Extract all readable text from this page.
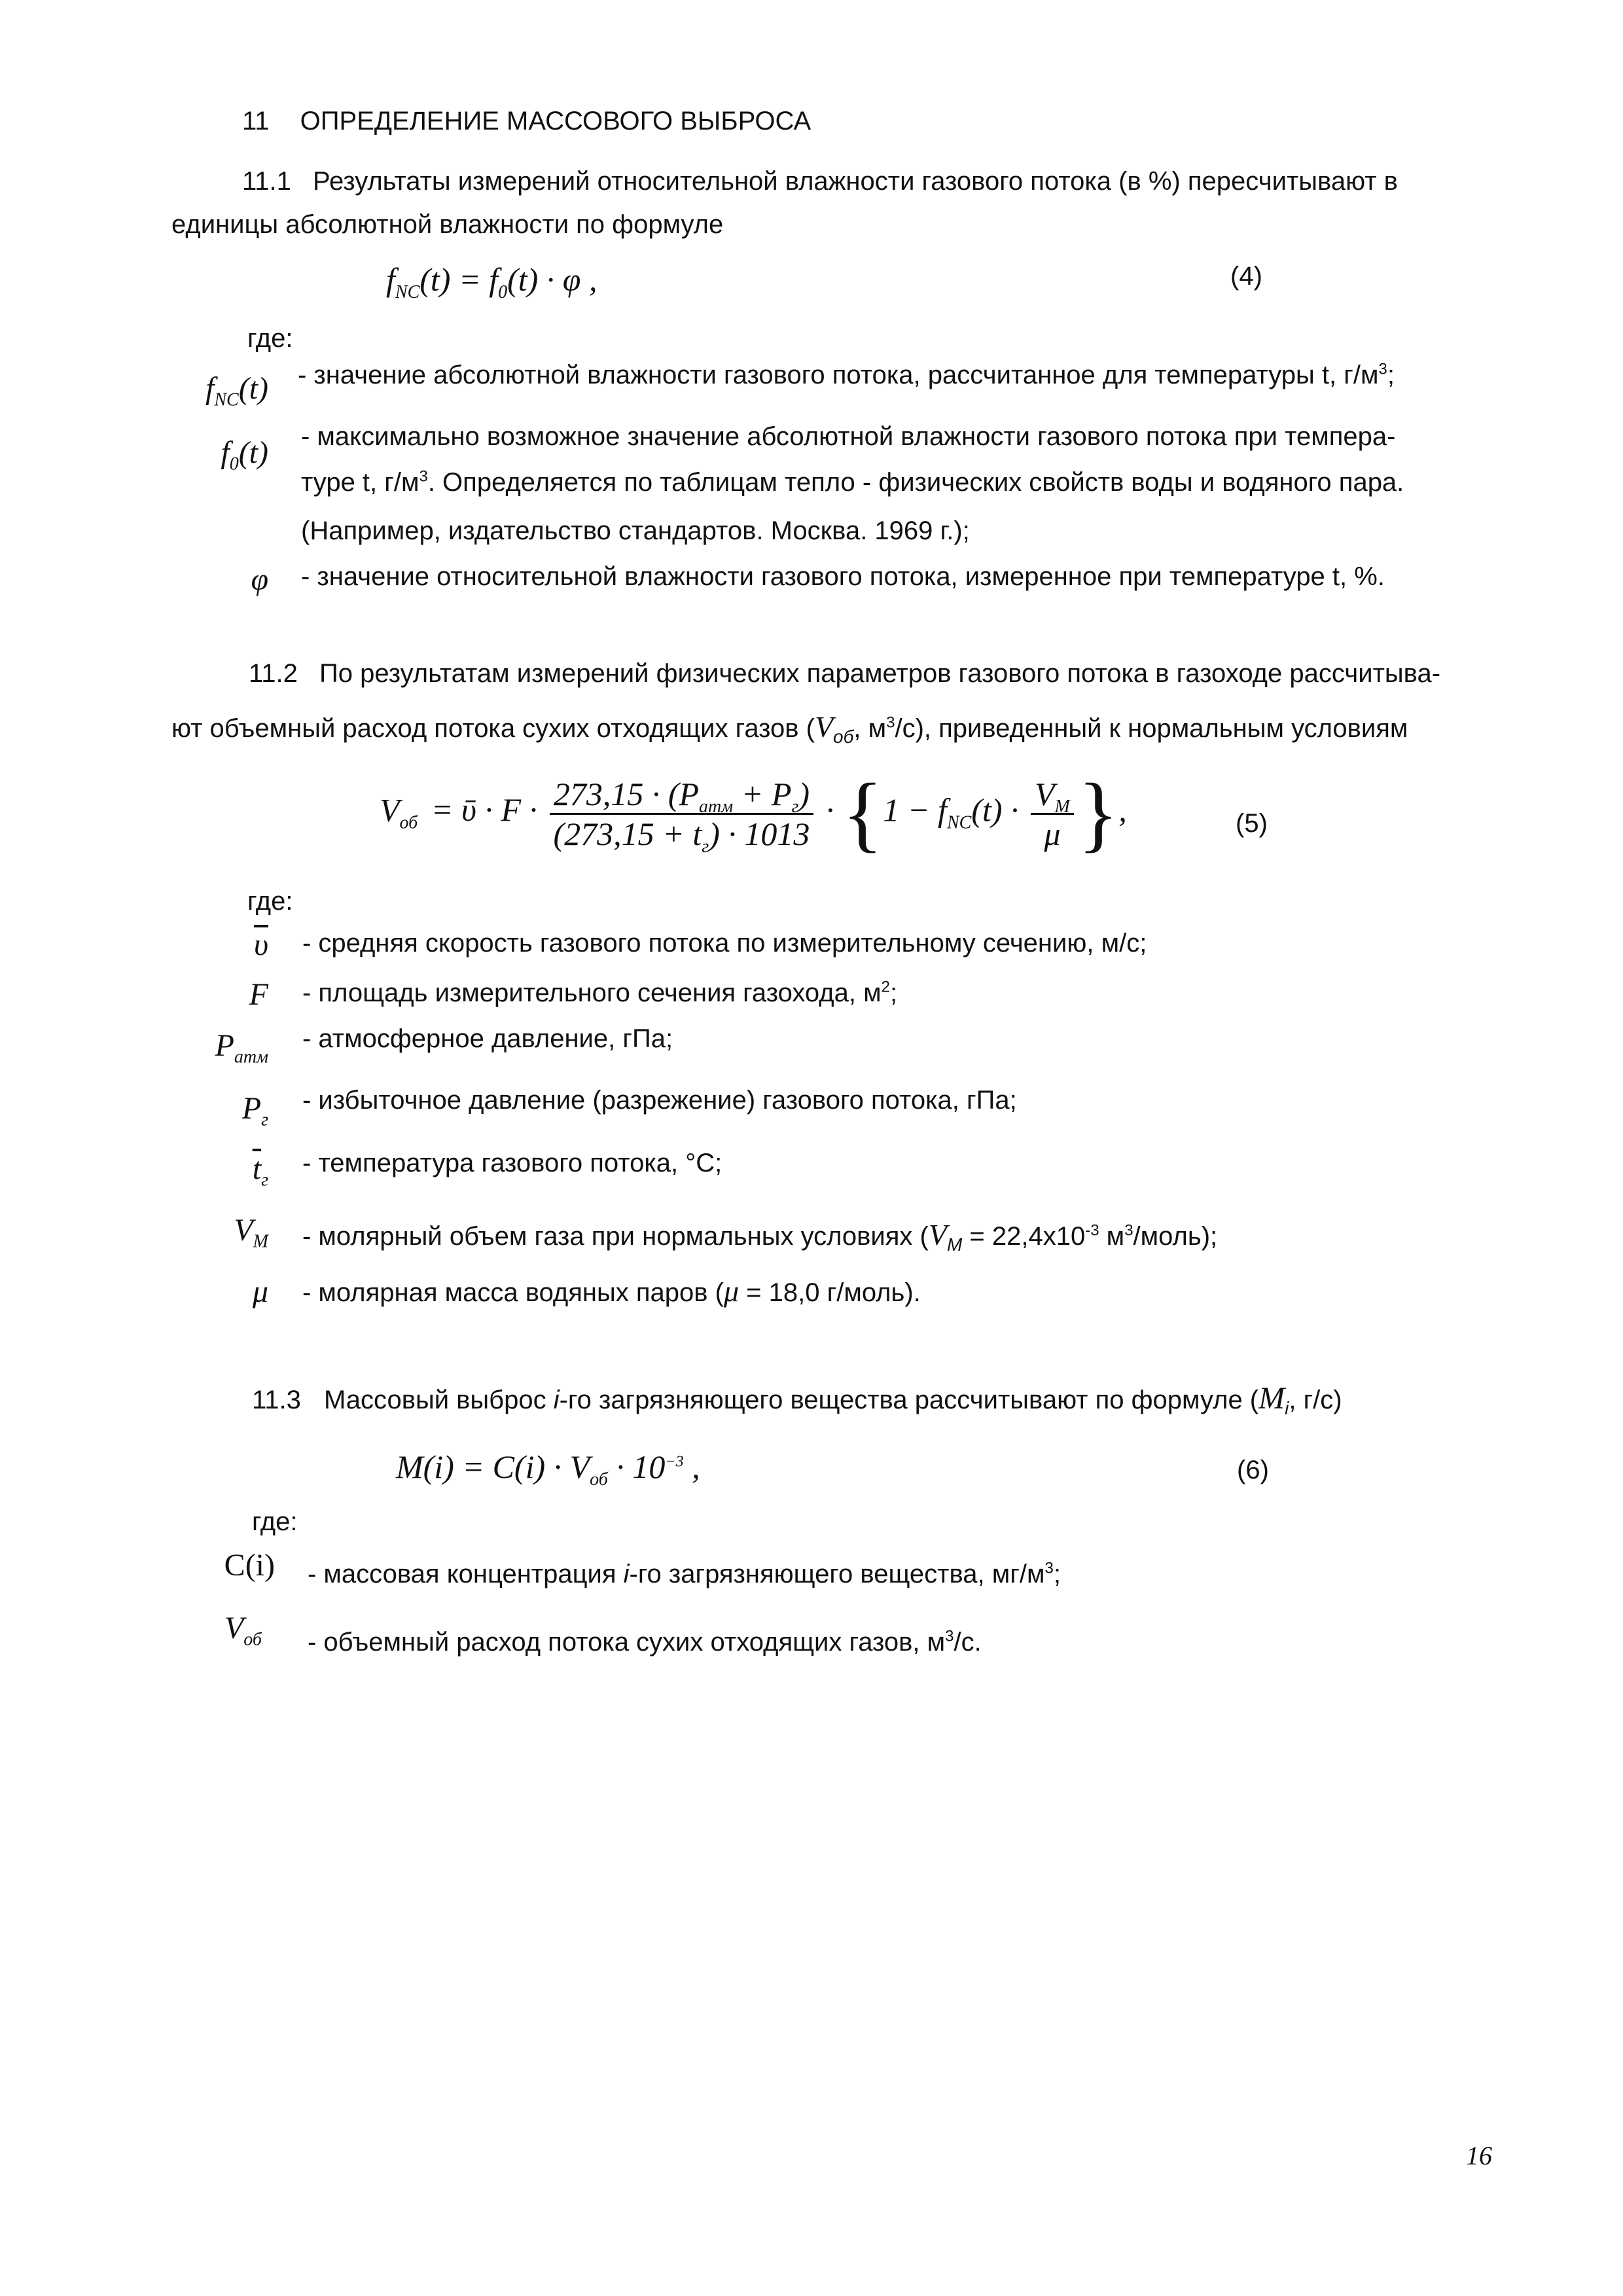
11 ОПРЕДЕЛЕНИЕ МАССОВОГО ВЫБРОСА
11.1 Результаты измерений относительной влажности газового потока (в %) пересчитывают в
единицы абсолютной влажности по формуле
$f_{NC}(t) = f_0(t) \cdot \varphi$ ,	(4)
где:
$f_{NC}(t)$ - значение абсолютной влажности газового потока, рассчитанное для температуры t, $г/м^3$;
$f_0(t)$ - максимально возможное значение абсолютной влажности газового потока при темпера-
туре t, $г/м^3$. Определяется по таблицам тепло - физических свойств воды и водяного пара.
(Например, издательство стандартов. Москва. 1969 г.);
φ - значение относительной влажности газового потока, измеренное при температуре t, %.
11.2 По результатам измерений физических параметров газового потока в газоходе рассчитыва-
ют объемный расход потока сухих отходящих газов ($V_{об}$, $м^3/с$), приведенный к нормальным условиям
$V_{об}$ = ῡ · $F \cdot \frac{273,15 \cdot (P_{атм} + P_г)}{(273,15 + t_г) \cdot 1013} \cdot \{1 - f_{NC}(t) \cdot \frac{V_M}{\mu}$ },	(5)
где:
$\overline{\upsilon}$ - средняя скорость газового потока по измерительному сечению, м/с;
F - площадь измерительного сечения газохода, $м^2$;
$P_{атм}$
- атмосферное давление, гПа;
$P_г$
- избыточное давление (разрежение) газового потока, гПа;
$\overline{t}_г$
- температура газового потока, °С;
$V_M$ - молярный объем газа при нормальных условиях ($V_M = 22,4х10^{-3}$ $м^3/моль$);
μ - молярная масса водяных паров (μ = 18,0 г/моль).
11.3 Массовый выброс i-го загрязняющего вещества рассчитывают по формуле ($M_i$, г/с)
$M(i) = C(i) \cdot V_{об} \cdot 10^{-3}$ ,	(6)
где:
C(i) - массовая концентрация i-го загрязняющего вещества, $мг/м^3$;
$V_{об}$ - объемный расход потока сухих отходящих газов, $м^3/с$.
16
